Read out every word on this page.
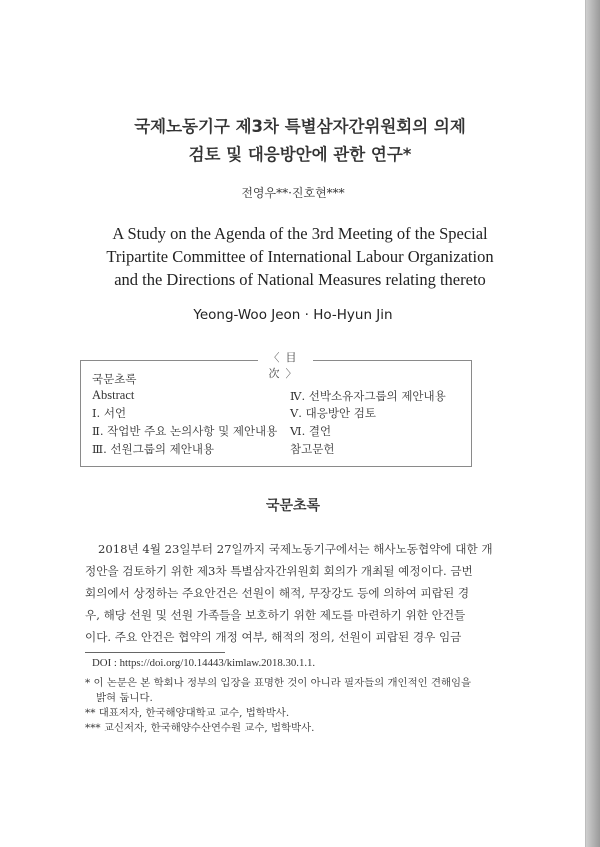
국제노동기구 제3차 특별삼자간위원회의 의제
검토 및 대응방안에 관한 연구*
전영우**·진호현***
A Study on the Agenda of the 3rd Meeting of the Special
Tripartite Committee of International Labour Organization
and the Directions of National Measures relating thereto
Yeong-Woo Jeon · Ho-Hyun Jin
〈目 次〉
국문초록
Abstract
Ⅰ. 서언
Ⅱ. 작업반 주요 논의사항 및 제안내용
Ⅲ. 선원그룹의 제안내용
Ⅳ. 선박소유자그룹의 제안내용
Ⅴ. 대응방안 검토
Ⅵ. 결언
참고문헌
국문초록
2018년 4월 23일부터 27일까지 국제노동기구에서는 해사노동협약에 대한 개
정안을 검토하기 위한 제3차 특별삼자간위원회 회의가 개최될 예정이다. 금번
회의에서 상정하는 주요안건은 선원이 해적, 무장강도 등에 의하여 피랍된 경
우, 해당 선원 및 선원 가족들을 보호하기 위한 제도를 마련하기 위한 안건들
이다. 주요 안건은 협약의 개정 여부, 해적의 정의, 선원이 피랍된 경우 임금
DOI : https://doi.org/10.14443/kimlaw.2018.30.1.1.
* 이 논문은 본 학회나 정부의 입장을 표명한 것이 아니라 필자들의 개인적인 견해임을
밝혀 둡니다.
** 대표저자, 한국해양대학교 교수, 법학박사.
*** 교신저자, 한국해양수산연수원 교수, 법학박사.
